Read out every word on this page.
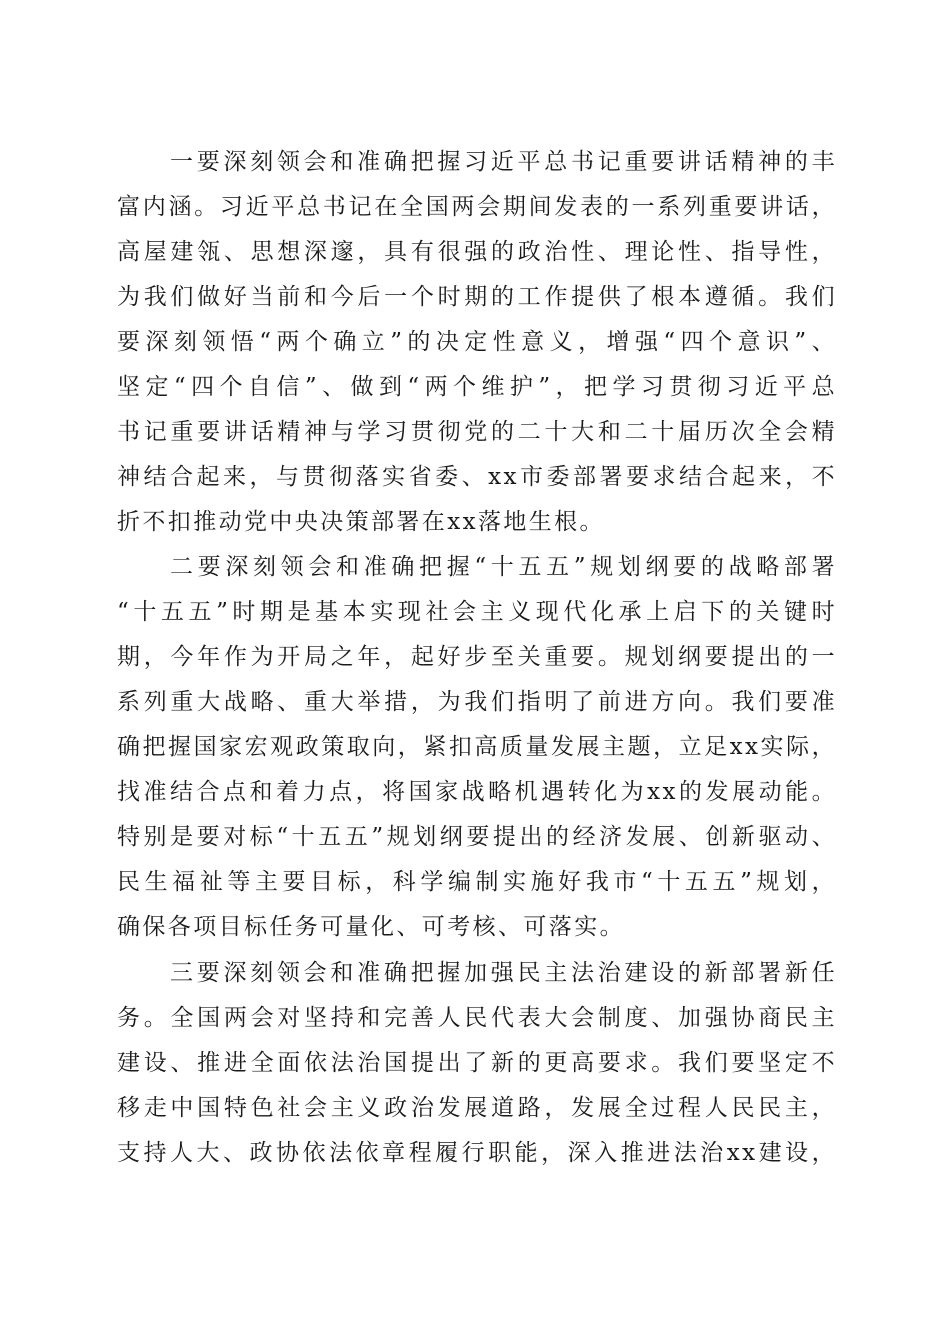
一要深刻领会和准确把握习近平总书记重要讲话精神的丰
富内涵。习近平总书记在全国两会期间发表的一系列重要讲话，
高屋建瓴、思想深邃，具有很强的政治性、理论性、指导性，
为我们做好当前和今后一个时期的工作提供了根本遵循。我们
要深刻领悟“两个确立”的决定性意义，增强“四个意识”、
坚定“四个自信”、做到“两个维护”，把学习贯彻习近平总
书记重要讲话精神与学习贯彻党的二十大和二十届历次全会精
神结合起来，与贯彻落实省委、xx市委部署要求结合起来，不
折不扣推动党中央决策部署在xx落地生根。
二要深刻领会和准确把握“十五五”规划纲要的战略部署
“十五五”时期是基本实现社会主义现代化承上启下的关键时
期，今年作为开局之年，起好步至关重要。规划纲要提出的一
系列重大战略、重大举措，为我们指明了前进方向。我们要准
确把握国家宏观政策取向，紧扣高质量发展主题，立足xx实际，
找准结合点和着力点，将国家战略机遇转化为xx的发展动能。
特别是要对标“十五五”规划纲要提出的经济发展、创新驱动、
民生福祉等主要目标，科学编制实施好我市“十五五”规划，
确保各项目标任务可量化、可考核、可落实。
三要深刻领会和准确把握加强民主法治建设的新部署新任
务。全国两会对坚持和完善人民代表大会制度、加强协商民主
建设、推进全面依法治国提出了新的更高要求。我们要坚定不
移走中国特色社会主义政治发展道路，发展全过程人民民主，
支持人大、政协依法依章程履行职能，深入推进法治xx建设，
